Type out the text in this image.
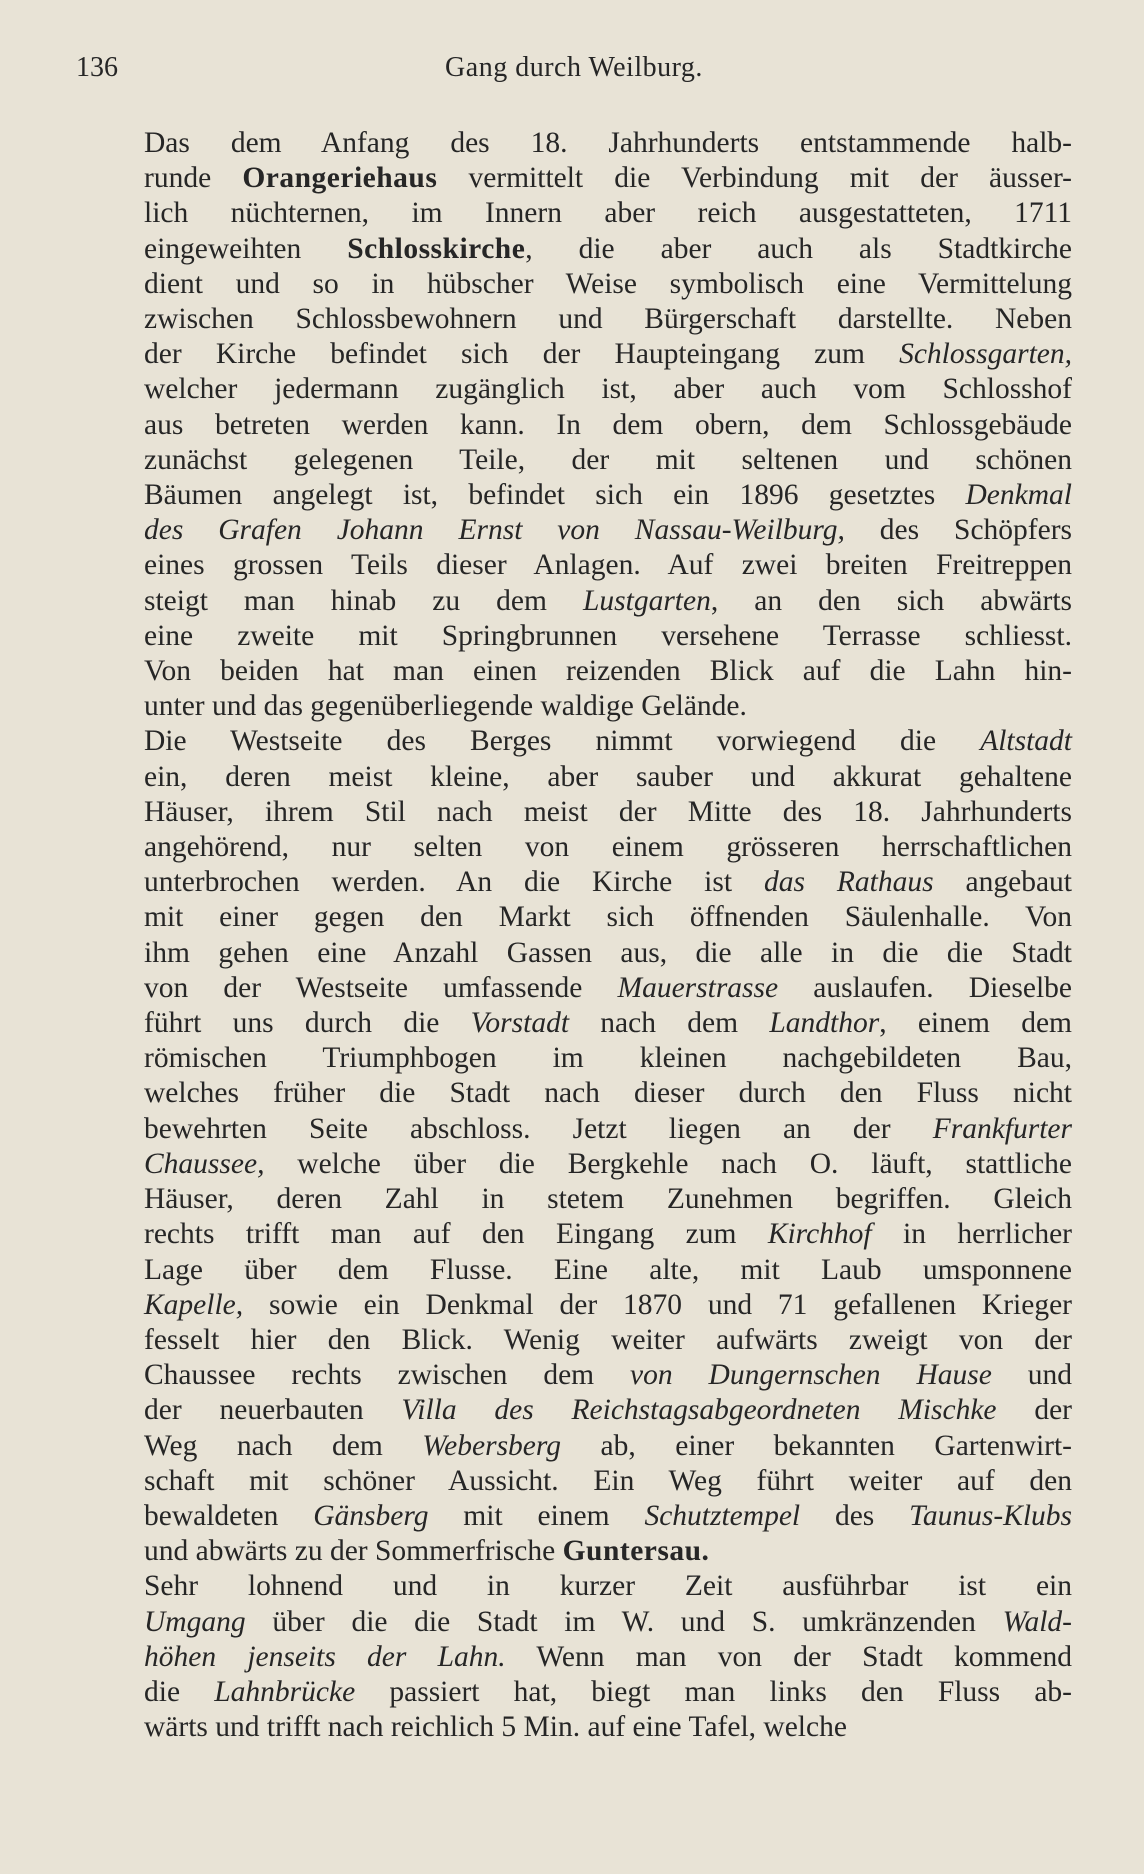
136	Gang durch Weilburg.

Das dem Anfang des 18. Jahrhunderts entstammende halb-
runde Orangeriehaus vermittelt die Verbindung mit der äusser-
lich nüchternen, im Innern aber reich ausgestatteten, 1711
eingeweihten Schlosskirche, die aber auch als Stadtkirche
dient und so in hübscher Weise symbolisch eine Vermittelung
zwischen Schlossbewohnern und Bürgerschaft darstellte. Neben
der Kirche befindet sich der Haupteingang zum Schlossgarten,
welcher jedermann zugänglich ist, aber auch vom Schlosshof
aus betreten werden kann. In dem obern, dem Schlossgebäude
zunächst gelegenen Teile, der mit seltenen und schönen
Bäumen angelegt ist, befindet sich ein 1896 gesetztes Denkmal
des Grafen Johann Ernst von Nassau-Weilburg, des Schöpfers
eines grossen Teils dieser Anlagen. Auf zwei breiten Freitreppen
steigt man hinab zu dem Lustgarten, an den sich abwärts
eine zweite mit Springbrunnen versehene Terrasse schliesst.
Von beiden hat man einen reizenden Blick auf die Lahn hin-
unter und das gegenüberliegende waldige Gelände.

Die Westseite des Berges nimmt vorwiegend die Altstadt
ein, deren meist kleine, aber sauber und akkurat gehaltene
Häuser, ihrem Stil nach meist der Mitte des 18. Jahrhunderts
angehörend, nur selten von einem grösseren herrschaftlichen
unterbrochen werden. An die Kirche ist das Rathaus angebaut
mit einer gegen den Markt sich öffnenden Säulenhalle. Von
ihm gehen eine Anzahl Gassen aus, die alle in die die Stadt
von der Westseite umfassende Mauerstrasse auslaufen. Dieselbe
führt uns durch die Vorstadt nach dem Landthor, einem dem
römischen Triumphbogen im kleinen nachgebildeten Bau,
welches früher die Stadt nach dieser durch den Fluss nicht
bewehrten Seite abschloss. Jetzt liegen an der Frankfurter
Chaussee, welche über die Bergkehle nach O. läuft, stattliche
Häuser, deren Zahl in stetem Zunehmen begriffen. Gleich
rechts trifft man auf den Eingang zum Kirchhof in herrlicher
Lage über dem Flusse. Eine alte, mit Laub umsponnene
Kapelle, sowie ein Denkmal der 1870 und 71 gefallenen Krieger
fesselt hier den Blick. Wenig weiter aufwärts zweigt von der
Chaussee rechts zwischen dem von Dungernschen Hause und
der neuerbauten Villa des Reichstagsabgeordneten Mischke der
Weg nach dem Webersberg ab, einer bekannten Gartenwirt-
schaft mit schöner Aussicht. Ein Weg führt weiter auf den
bewaldeten Gänsberg mit einem Schutztempel des Taunus-Klubs
und abwärts zu der Sommerfrische Guntersau.

Sehr lohnend und in kurzer Zeit ausführbar ist ein
Umgang über die die Stadt im W. und S. umkränzenden Wald-
höhen jenseits der Lahn. Wenn man von der Stadt kommend
die Lahnbrücke passiert hat, biegt man links den Fluss ab-
wärts und trifft nach reichlich 5 Min. auf eine Tafel, welche
